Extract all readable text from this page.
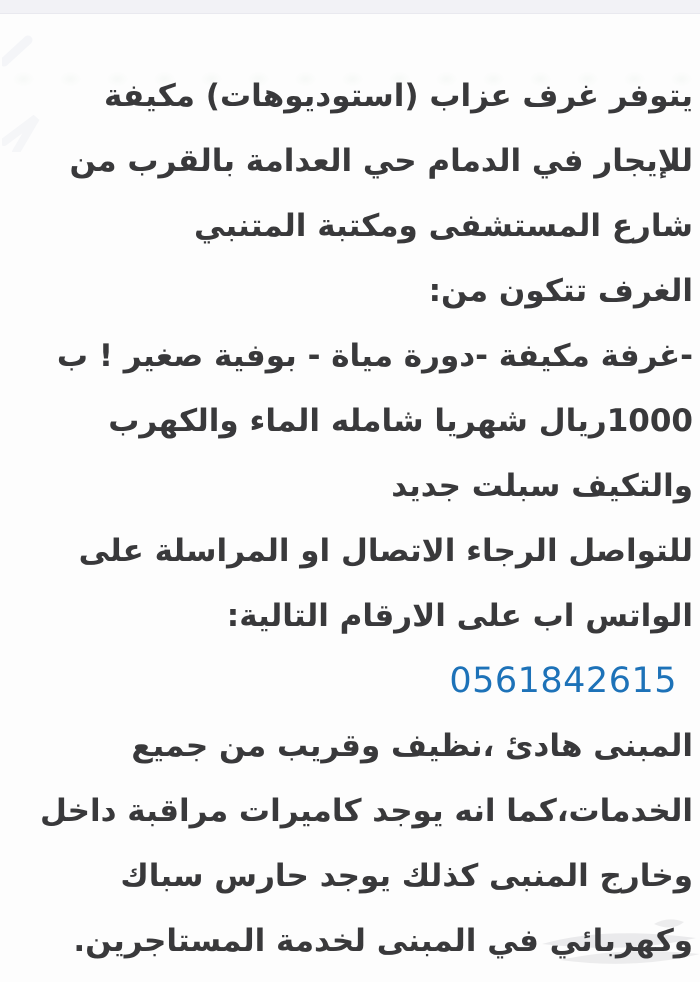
يتوفر غرف عزاب (استوديوهات) مكيفة
للإيجار في الدمام حي العدامة بالقرب من
شارع المستشفى ومكتبة المتنبي
الغرف تتكون من:
-غرفة مكيفة -دورة مياة - بوفية صغير ! ب
1000ريال شهريا شامله الماء والكهرب
والتكيف سبلت جديد
للتواصل الرجاء الاتصال او المراسلة على
الواتس اب على الارقام التالية:
0561842615
المبنى هادئ ،نظيف وقريب من جميع
الخدمات،كما انه يوجد كاميرات مراقبة داخل
وخارج المنبى كذلك يوجد حارس سباك
وكهربائي في المبنى لخدمة المستاجرين.
